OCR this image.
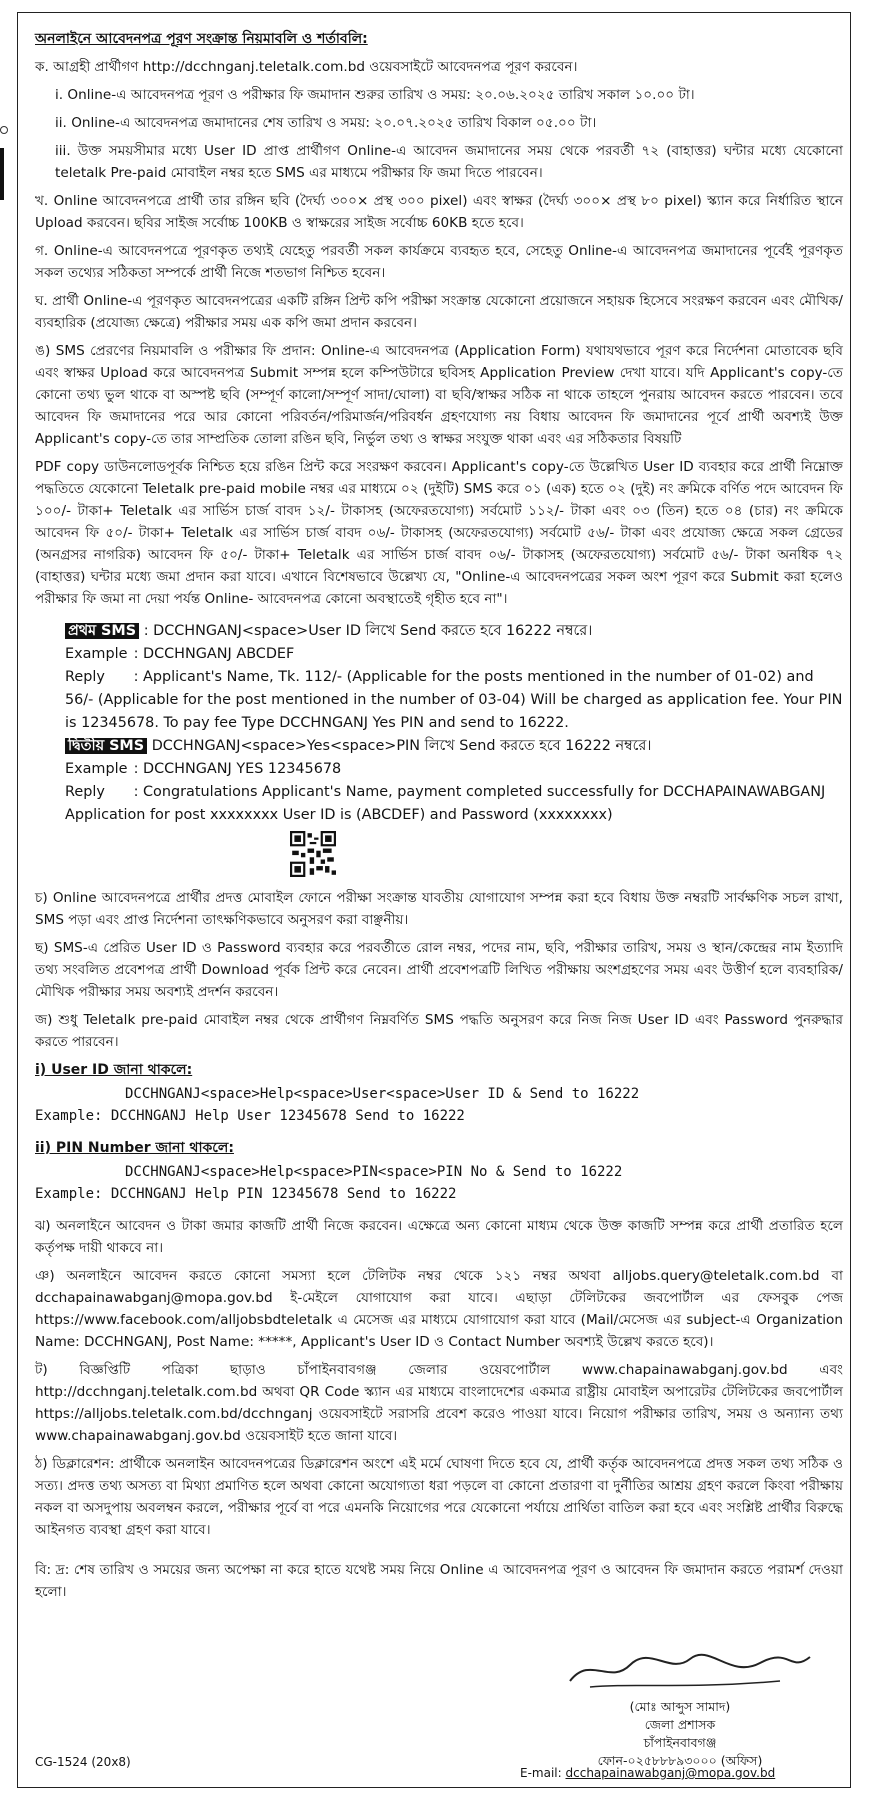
অনলাইনে আবেদনপত্র পূরণ সংক্রান্ত নিয়মাবলি ও শর্তাবলি:

ক. আগ্রহী প্রার্থীগণ http://dcchnganj.teletalk.com.bd ওয়েবসাইটে আবেদনপত্র পূরণ করবেন।

i. Online-এ আবেদনপত্র পূরণ ও পরীক্ষার ফি জমাদান শুরুর তারিখ ও সময়: ২০.০৬.২০২৫ তারিখ সকাল ১০.০০ টা।

ii. Online-এ আবেদনপত্র জমাদানের শেষ তারিখ ও সময়: ২০.০৭.২০২৫ তারিখ বিকাল ০৫.০০ টা।

iii. উক্ত সময়সীমার মধ্যে User ID প্রাপ্ত প্রার্থীগণ Online-এ আবেদন জমাদানের সময় থেকে পরবর্তী ৭২ (বাহাত্তর) ঘন্টার মধ্যে যেকোনো teletalk Pre-paid মোবাইল নম্বর হতে SMS এর মাধ্যমে পরীক্ষার ফি জমা দিতে পারবেন।

খ. Online আবেদনপত্রে প্রার্থী তার রঙ্গিন ছবি (দৈর্ঘ্য ৩০০× প্রস্থ ৩০০ pixel) এবং স্বাক্ষর (দৈর্ঘ্য ৩০০× প্রস্থ ৮০ pixel) স্ক্যান করে নির্ধারিত স্থানে Upload করবেন। ছবির সাইজ সর্বোচ্চ 100KB ও স্বাক্ষরের সাইজ সর্বোচ্চ 60KB হতে হবে।

গ. Online-এ আবেদনপত্রে পূরণকৃত তথ্যই যেহেতু পরবর্তী সকল কার্যক্রমে ব্যবহৃত হবে, সেহেতু Online-এ আবেদনপত্র জমাদানের পূর্বেই পূরণকৃত সকল তথ্যের সঠিকতা সম্পর্কে প্রার্থী নিজে শতভাগ নিশ্চিত হবেন।

ঘ. প্রার্থী Online-এ পূরণকৃত আবেদনপত্রের একটি রঙ্গিন প্রিন্ট কপি পরীক্ষা সংক্রান্ত যেকোনো প্রয়োজনে সহায়ক হিসেবে সংরক্ষণ করবেন এবং মৌখিক/ব্যবহারিক (প্রযোজ্য ক্ষেত্রে) পরীক্ষার সময় এক কপি জমা প্রদান করবেন।

ঙ) SMS প্রেরণের নিয়মাবলি ও পরীক্ষার ফি প্রদান: Online-এ আবেদনপত্র (Application Form) যথাযথভাবে পূরণ করে নির্দেশনা মোতাবেক ছবি এবং স্বাক্ষর Upload করে আবেদনপত্র Submit সম্পন্ন হলে কম্পিউটারে ছবিসহ Application Preview দেখা যাবে। যদি Applicant's copy-তে কোনো তথ্য ভুল থাকে বা অস্পষ্ট ছবি (সম্পূর্ণ কালো/সম্পূর্ণ সাদা/ঘোলা) বা ছবি/স্বাক্ষর সঠিক না থাকে তাহলে পুনরায় আবেদন করতে পারবেন। তবে আবেদন ফি জমাদানের পরে আর কোনো পরিবর্তন/পরিমার্জন/পরিবর্ধন গ্রহণযোগ্য নয় বিধায় আবেদন ফি জমাদানের পূর্বে প্রার্থী অবশ্যই উক্ত Applicant's copy-তে তার সাম্প্রতিক তোলা রঙিন ছবি, নির্ভুল তথ্য ও স্বাক্ষর সংযুক্ত থাকা এবং এর সঠিকতার বিষয়টি

PDF copy ডাউনলোডপূর্বক নিশ্চিত হয়ে রঙিন প্রিন্ট করে সংরক্ষণ করবেন। Applicant's copy-তে উল্লেখিত User ID ব্যবহার করে প্রার্থী নিম্নোক্ত পদ্ধতিতে যেকোনো Teletalk pre-paid mobile নম্বর এর মাধ্যমে ০২ (দুইটি) SMS করে ০১ (এক) হতে ০২ (দুই) নং ক্রমিকে বর্ণিত পদে আবেদন ফি ১০০/- টাকা+ Teletalk এর সার্ভিস চার্জ বাবদ ১২/- টাকাসহ (অফেরতযোগ্য) সর্বমোট ১১২/- টাকা এবং ০৩ (তিন) হতে ০৪ (চার) নং ক্রমিকে আবেদন ফি ৫০/- টাকা+ Teletalk এর সার্ভিস চার্জ বাবদ ০৬/- টাকাসহ (অফেরতযোগ্য) সর্বমোট ৫৬/- টাকা এবং প্রযোজ্য ক্ষেত্রে সকল গ্রেডের (অনগ্রসর নাগরিক) আবেদন ফি ৫০/- টাকা+ Teletalk এর সার্ভিস চার্জ বাবদ ০৬/- টাকাসহ (অফেরতযোগ্য) সর্বমোট ৫৬/- টাকা অনধিক ৭২ (বাহাত্তর) ঘন্টার মধ্যে জমা প্রদান করা যাবে। এখানে বিশেষভাবে উল্লেখ্য যে, "Online-এ আবেদনপত্রের সকল অংশ পূরণ করে Submit করা হলেও পরীক্ষার ফি জমা না দেয়া পর্যন্ত Online- আবেদনপত্র কোনো অবস্থাতেই গৃহীত হবে না"।

প্রথম SMS : DCCHNGANJ<space>User ID লিখে Send করতে হবে 16222 নম্বরে।
Example : DCCHNGANJ ABCDEF
Reply : Applicant's Name, Tk. 112/- (Applicable for the posts mentioned in the number of 01-02) and 56/- (Applicable for the post mentioned in the number of 03-04) Will be charged as application fee. Your PIN is 12345678. To pay fee Type DCCHNGANJ Yes PIN and send to 16222.
দ্বিতীয় SMS DCCHNGANJ<space>Yes<space>PIN লিখে Send করতে হবে 16222 নম্বরে।
Example : DCCHNGANJ YES 12345678
Reply : Congratulations Applicant's Name, payment completed successfully for DCCHAPAINAWABGANJ Application for post xxxxxxxx User ID is (ABCDEF) and Password (xxxxxxxx)

চ) Online আবেদনপত্রে প্রার্থীর প্রদত্ত মোবাইল ফোনে পরীক্ষা সংক্রান্ত যাবতীয় যোগাযোগ সম্পন্ন করা হবে বিধায় উক্ত নম্বরটি সার্বক্ষণিক সচল রাখা, SMS পড়া এবং প্রাপ্ত নির্দেশনা তাৎক্ষণিকভাবে অনুসরণ করা বাঞ্ছনীয়।

ছ) SMS-এ প্রেরিত User ID ও Password ব্যবহার করে পরবর্তীতে রোল নম্বর, পদের নাম, ছবি, পরীক্ষার তারিখ, সময় ও স্থান/কেন্দ্রের নাম ইত্যাদি তথ্য সংবলিত প্রবেশপত্র প্রার্থী Download পূর্বক প্রিন্ট করে নেবেন। প্রার্থী প্রবেশপত্রটি লিখিত পরীক্ষায় অংশগ্রহণের সময় এবং উত্তীর্ণ হলে ব্যবহারিক/মৌখিক পরীক্ষার সময় অবশ্যই প্রদর্শন করবেন।

জ) শুধু Teletalk pre-paid মোবাইল নম্বর থেকে প্রার্থীগণ নিম্নবর্ণিত SMS পদ্ধতি অনুসরণ করে নিজ নিজ User ID এবং Password পুনরুদ্ধার করতে পারবেন।

i) User ID জানা থাকলে:
DCCHNGANJ<space>Help<space>User<space>User ID & Send to 16222
Example: DCCHNGANJ Help User 12345678 Send to 16222
ii) PIN Number জানা থাকলে:
DCCHNGANJ<space>Help<space>PIN<space>PIN No & Send to 16222
Example: DCCHNGANJ Help PIN 12345678 Send to 16222

ঝ) অনলাইনে আবেদন ও টাকা জমার কাজটি প্রার্থী নিজে করবেন। এক্ষেত্রে অন্য কোনো মাধ্যম থেকে উক্ত কাজটি সম্পন্ন করে প্রার্থী প্রতারিত হলে কর্তৃপক্ষ দায়ী থাকবে না।

ঞ) অনলাইনে আবেদন করতে কোনো সমস্যা হলে টেলিটক নম্বর থেকে ১২১ নম্বর অথবা alljobs.query@teletalk.com.bd বা dcchapainawabganj@mopa.gov.bd ই-মেইলে যোগাযোগ করা যাবে। এছাড়া টেলিটকের জবপোর্টাল এর ফেসবুক পেজ https://www.facebook.com/alljobsbdteletalk এ মেসেজ এর মাধ্যমে যোগাযোগ করা যাবে (Mail/মেসেজ এর subject-এ Organization Name: DCCHNGANJ, Post Name: *****, Applicant's User ID ও Contact Number অবশ্যই উল্লেখ করতে হবে)।

ট) বিজ্ঞপ্তিটি পত্রিকা ছাড়াও চাঁপাইনবাবগঞ্জ জেলার ওয়েবপোর্টাল www.chapainawabganj.gov.bd এবং http://dcchnganj.teletalk.com.bd অথবা QR Code স্ক্যান এর মাধ্যমে বাংলাদেশের একমাত্র রাষ্ট্রীয় মোবাইল অপারেটর টেলিটকের জবপোর্টাল https://alljobs.teletalk.com.bd/dcchnganj ওয়েবসাইটে সরাসরি প্রবেশ করেও পাওয়া যাবে। নিয়োগ পরীক্ষার তারিখ, সময় ও অন্যান্য তথ্য www.chapainawabganj.gov.bd ওয়েবসাইট হতে জানা যাবে।

ঠ) ডিক্লারেশন: প্রার্থীকে অনলাইন আবেদনপত্রের ডিক্লারেশন অংশে এই মর্মে ঘোষণা দিতে হবে যে, প্রার্থী কর্তৃক আবেদনপত্রে প্রদত্ত সকল তথ্য সঠিক ও সত্য। প্রদত্ত তথ্য অসত্য বা মিথ্যা প্রমাণিত হলে অথবা কোনো অযোগ্যতা ধরা পড়লে বা কোনো প্রতারণা বা দুর্নীতির আশ্রয় গ্রহণ করলে কিংবা পরীক্ষায় নকল বা অসদুপায় অবলম্বন করলে, পরীক্ষার পূর্বে বা পরে এমনকি নিয়োগের পরে যেকোনো পর্যায়ে প্রার্থিতা বাতিল করা হবে এবং সংশ্লিষ্ট প্রার্থীর বিরুদ্ধে আইনগত ব্যবস্থা গ্রহণ করা যাবে।

বি: দ্র: শেষ তারিখ ও সময়ের জন্য অপেক্ষা না করে হাতে যথেষ্ট সময় নিয়ে Online এ আবেদনপত্র পূরণ ও আবেদন ফি জমাদান করতে পরামর্শ দেওয়া হলো।

(মোঃ আব্দুস সামাদ)
জেলা প্রশাসক
চাঁপাইনবাবগঞ্জ
ফোন-০২৫৮৮৮৯৩০০০ (অফিস)
CG-1524 (20x8)
E-mail: dcchapainawabganj@mopa.gov.bd
